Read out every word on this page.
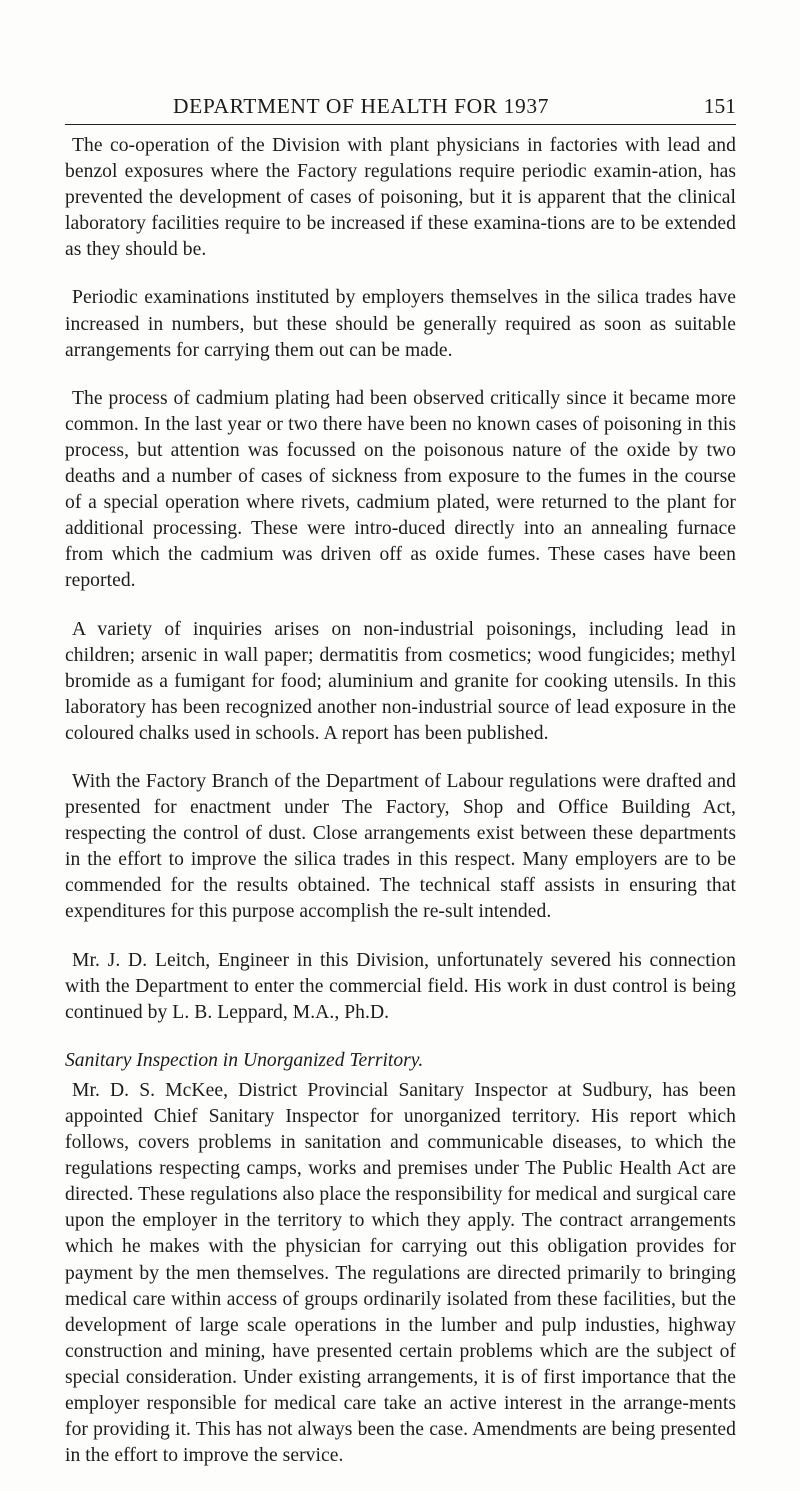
DEPARTMENT OF HEALTH FOR 1937	151

The co-operation of the Division with plant physicians in factories with lead and benzol exposures where the Factory regulations require periodic examin-ation, has prevented the development of cases of poisoning, but it is apparent that the clinical laboratory facilities require to be increased if these examina-tions are to be extended as they should be.

Periodic examinations instituted by employers themselves in the silica trades have increased in numbers, but these should be generally required as soon as suitable arrangements for carrying them out can be made.

The process of cadmium plating had been observed critically since it became more common. In the last year or two there have been no known cases of poisoning in this process, but attention was focussed on the poisonous nature of the oxide by two deaths and a number of cases of sickness from exposure to the fumes in the course of a special operation where rivets, cadmium plated, were returned to the plant for additional processing. These were intro-duced directly into an annealing furnace from which the cadmium was driven off as oxide fumes. These cases have been reported.

A variety of inquiries arises on non-industrial poisonings, including lead in children; arsenic in wall paper; dermatitis from cosmetics; wood fungicides; methyl bromide as a fumigant for food; aluminium and granite for cooking utensils. In this laboratory has been recognized another non-industrial source of lead exposure in the coloured chalks used in schools. A report has been published.

With the Factory Branch of the Department of Labour regulations were drafted and presented for enactment under The Factory, Shop and Office Building Act, respecting the control of dust. Close arrangements exist between these departments in the effort to improve the silica trades in this respect. Many employers are to be commended for the results obtained. The technical staff assists in ensuring that expenditures for this purpose accomplish the re-sult intended.

Mr. J. D. Leitch, Engineer in this Division, unfortunately severed his connection with the Department to enter the commercial field. His work in dust control is being continued by L. B. Leppard, M.A., Ph.D.

Sanitary Inspection in Unorganized Territory.

Mr. D. S. McKee, District Provincial Sanitary Inspector at Sudbury, has been appointed Chief Sanitary Inspector for unorganized territory. His report which follows, covers problems in sanitation and communicable diseases, to which the regulations respecting camps, works and premises under The Public Health Act are directed. These regulations also place the responsibility for medical and surgical care upon the employer in the territory to which they apply. The contract arrangements which he makes with the physician for carrying out this obligation provides for payment by the men themselves. The regulations are directed primarily to bringing medical care within access of groups ordinarily isolated from these facilities, but the development of large scale operations in the lumber and pulp industies, highway construction and mining, have presented certain problems which are the subject of special consideration. Under existing arrangements, it is of first importance that the employer responsible for medical care take an active interest in the arrange-ments for providing it. This has not always been the case. Amendments are being presented in the effort to improve the service.
